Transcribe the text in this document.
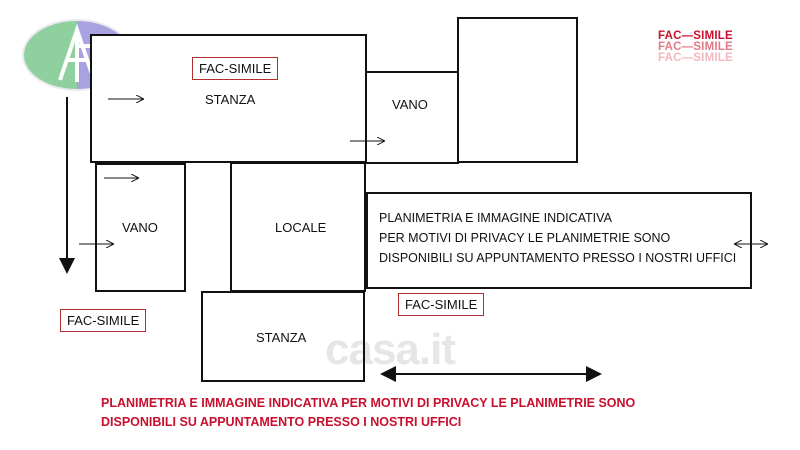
casa.it
STANZA	VANO
VANO	LOCALE
STANZA
FAC-SIMILE
FAC-SIMILE
FAC-SIMILE
FAC—SIMILE
FAC—SIMILE
FAC—SIMILE
PLANIMETRIA E IMMAGINE INDICATIVA
PER MOTIVI DI PRIVACY LE PLANIMETRIE SONO
DISPONIBILI SU APPUNTAMENTO PRESSO I NOSTRI UFFICI
PLANIMETRIA E IMMAGINE INDICATIVA PER MOTIVI DI PRIVACY LE PLANIMETRIE SONO
DISPONIBILI SU APPUNTAMENTO PRESSO I NOSTRI UFFICI
